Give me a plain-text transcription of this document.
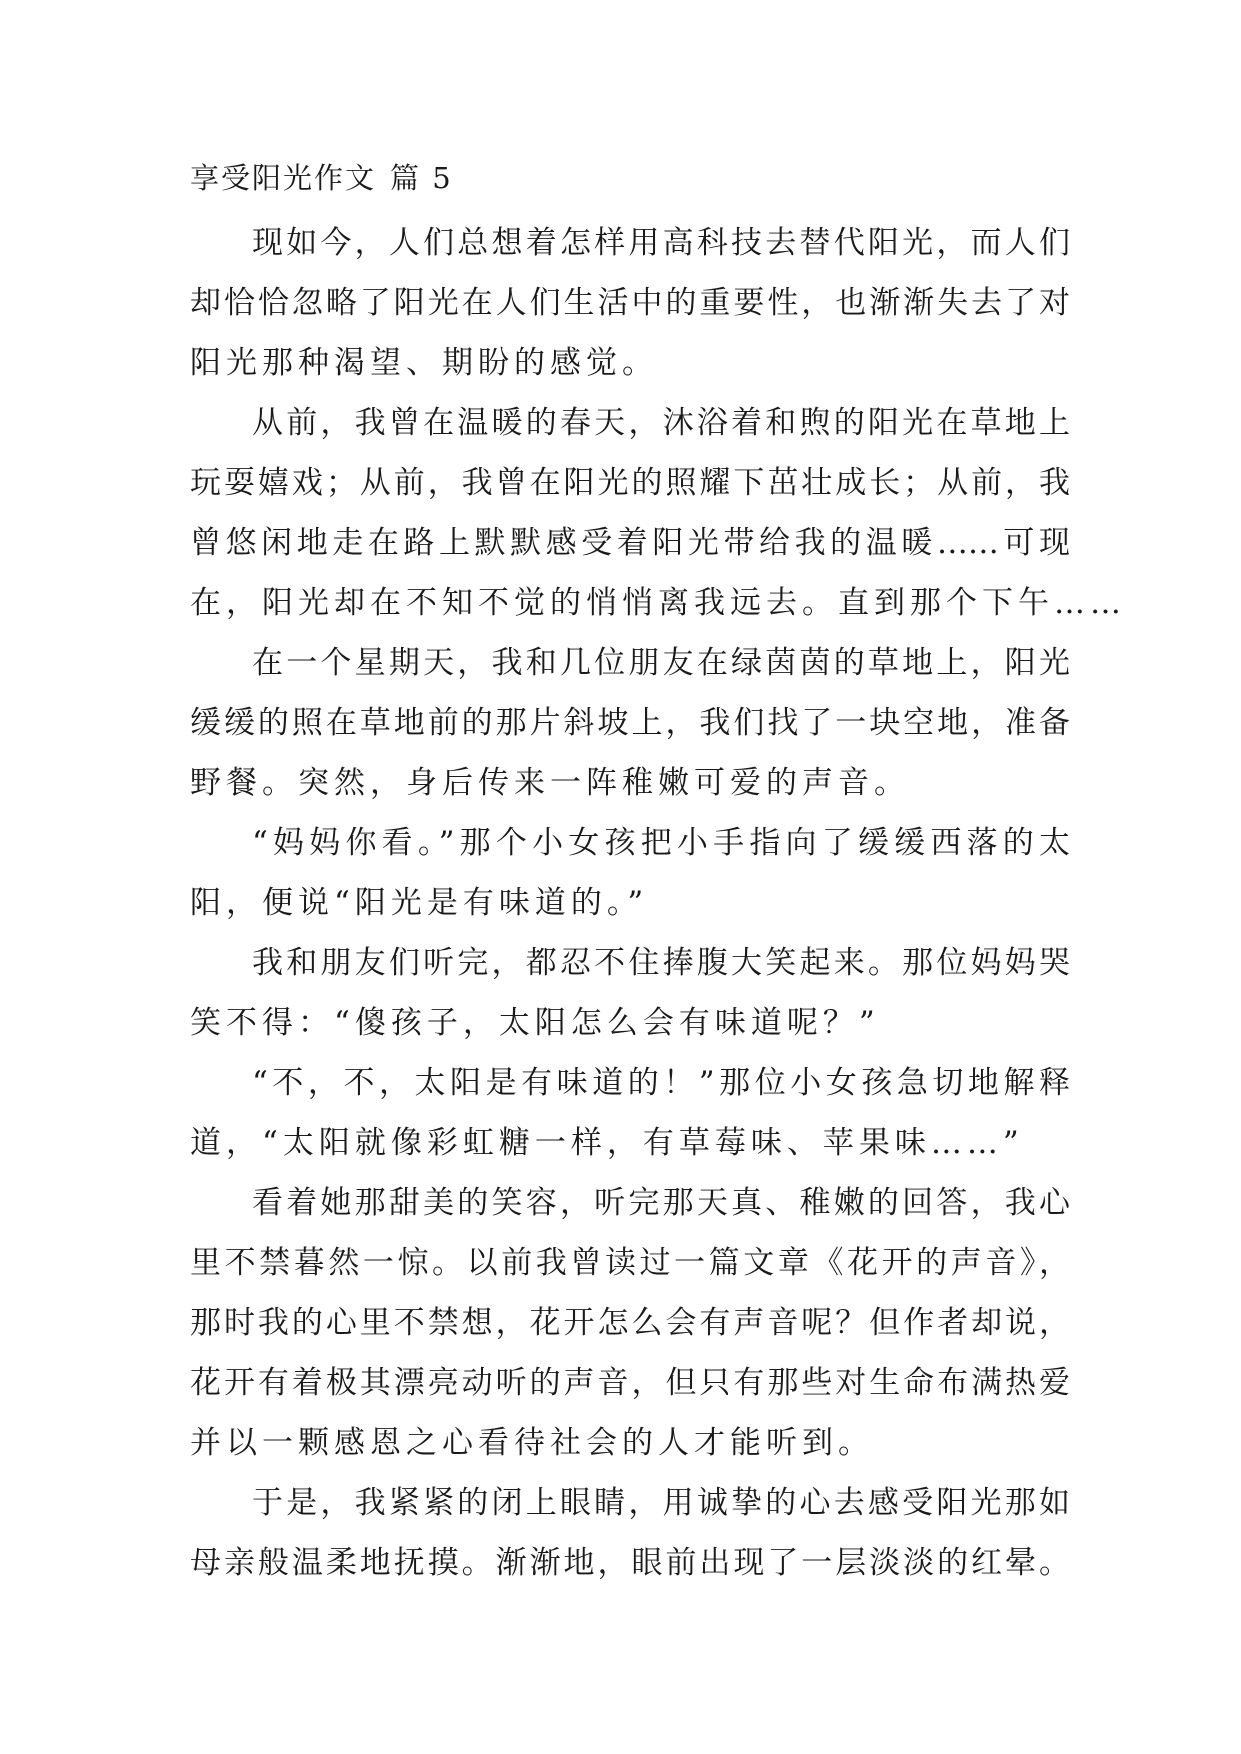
享受阳光作文 篇 5

现如今，人们总想着怎样用高科技去替代阳光，而人们
却恰恰忽略了阳光在人们生活中的重要性，也渐渐失去了对
阳光那种渴望、期盼的感觉。

从前，我曾在温暖的春天，沐浴着和煦的阳光在草地上
玩耍嬉戏；从前，我曾在阳光的照耀下茁壮成长；从前，我
曾悠闲地走在路上默默感受着阳光带给我的温暖……可现
在，阳光却在不知不觉的悄悄离我远去。直到那个下午……

在一个星期天，我和几位朋友在绿茵茵的草地上，阳光
缓缓的照在草地前的那片斜坡上，我们找了一块空地，准备
野餐。突然，身后传来一阵稚嫩可爱的声音。

“妈妈你看。”那个小女孩把小手指向了缓缓西落的太
阳，便说“阳光是有味道的。”

我和朋友们听完，都忍不住捧腹大笑起来。那位妈妈哭
笑不得：“傻孩子，太阳怎么会有味道呢？”

“不，不，太阳是有味道的！”那位小女孩急切地解释
道，“太阳就像彩虹糖一样，有草莓味、苹果味……”

看着她那甜美的笑容，听完那天真、稚嫩的回答，我心
里不禁暮然一惊。以前我曾读过一篇文章《花开的声音》，
那时我的心里不禁想，花开怎么会有声音呢？但作者却说，
花开有着极其漂亮动听的声音，但只有那些对生命布满热爱
并以一颗感恩之心看待社会的人才能听到。

于是，我紧紧的闭上眼睛，用诚挚的心去感受阳光那如
母亲般温柔地抚摸。渐渐地，眼前出现了一层淡淡的红晕。
